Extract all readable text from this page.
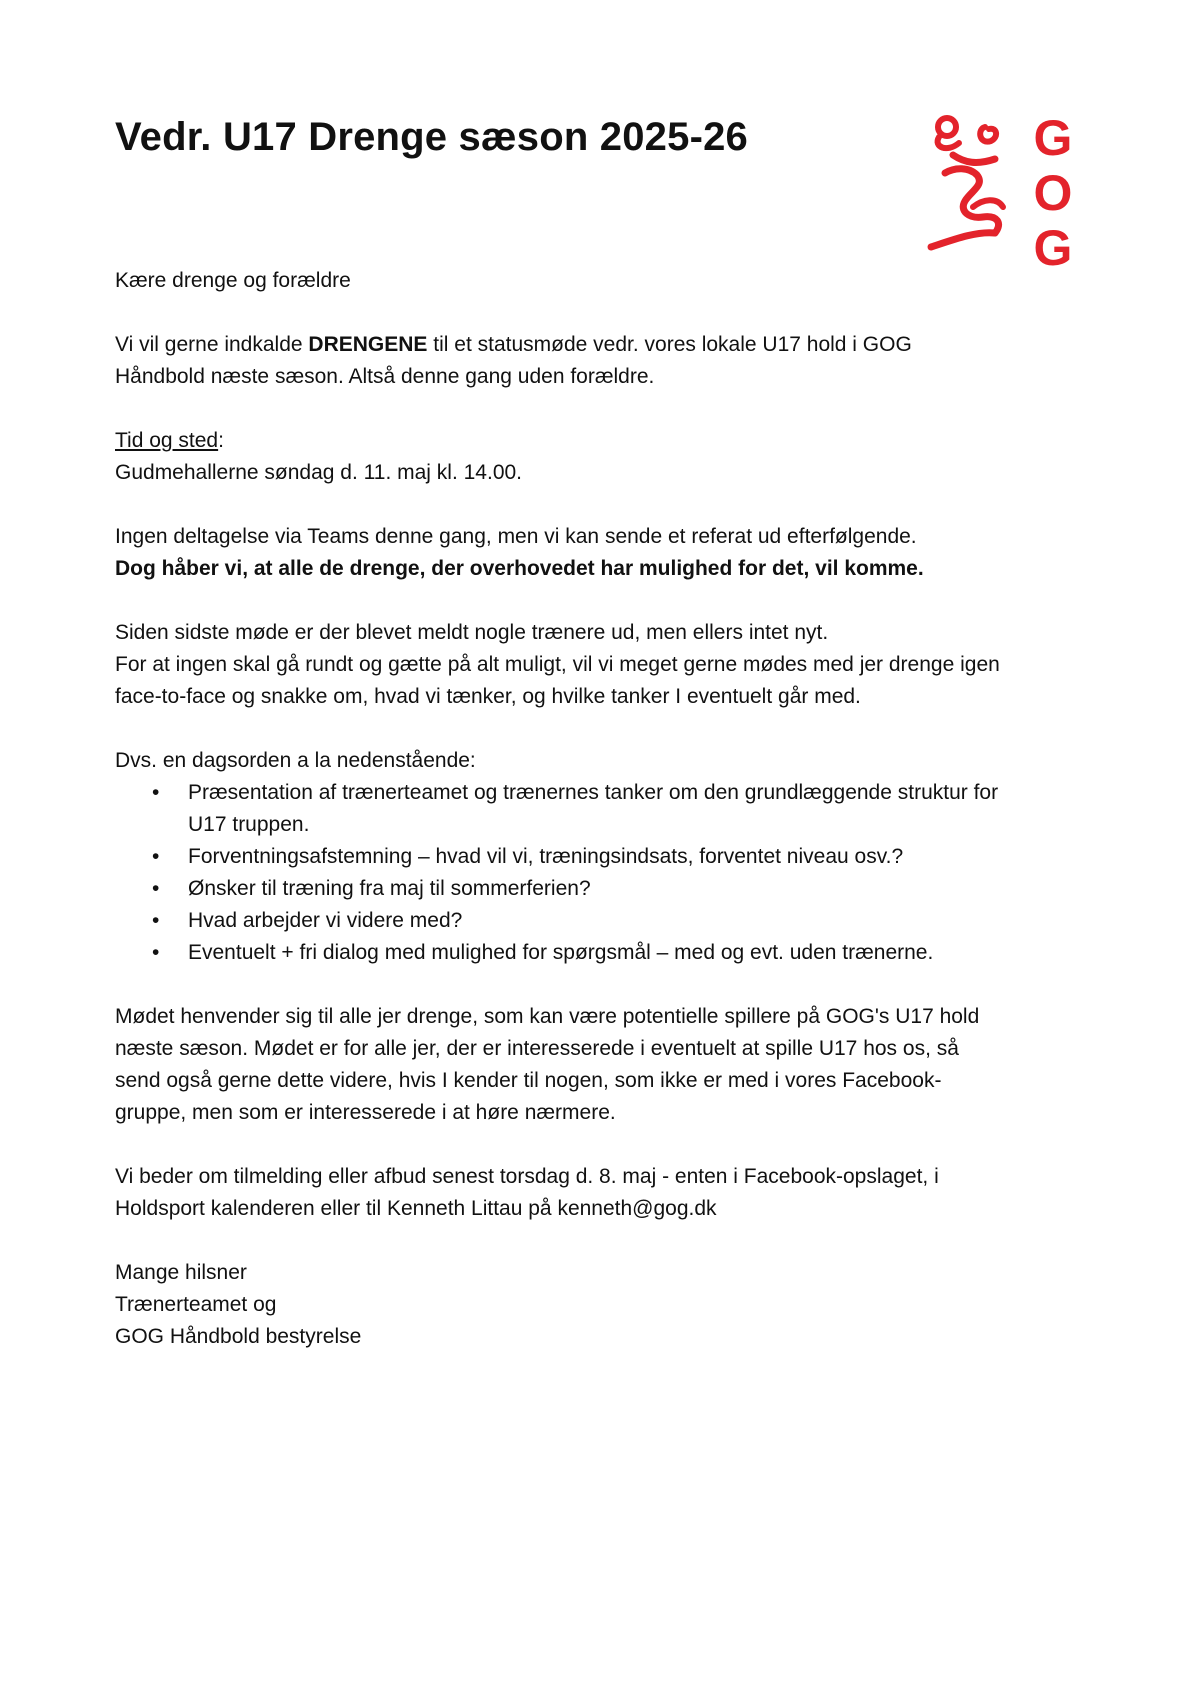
Vedr. U17 Drenge sæson 2025-26	G
O
G

Kære drenge og forældre

Vi vil gerne indkalde DRENGENE til et statusmøde vedr. vores lokale U17 hold i GOG

Håndbold næste sæson. Altså denne gang uden forældre.

Tid og sted:

Gudmehallerne søndag d. 11. maj kl. 14.00.

Ingen deltagelse via Teams denne gang, men vi kan sende et referat ud efterfølgende.

Dog håber vi, at alle de drenge, der overhovedet har mulighed for det, vil komme.

Siden sidste møde er der blevet meldt nogle trænere ud, men ellers intet nyt.

For at ingen skal gå rundt og gætte på alt muligt, vil vi meget gerne mødes med jer drenge igen

face-to-face og snakke om, hvad vi tænker, og hvilke tanker I eventuelt går med.

Dvs. en dagsorden a la nedenstående:

• Præsentation af trænerteamet og trænernes tanker om den grundlæggende struktur for
U17 truppen.
• Forventningsafstemning – hvad vil vi, træningsindsats, forventet niveau osv.?
• Ønsker til træning fra maj til sommerferien?
• Hvad arbejder vi videre med?
• Eventuelt + fri dialog med mulighed for spørgsmål – med og evt. uden trænerne.

Mødet henvender sig til alle jer drenge, som kan være potentielle spillere på GOG's U17 hold

næste sæson. Mødet er for alle jer, der er interesserede i eventuelt at spille U17 hos os, så

send også gerne dette videre, hvis I kender til nogen, som ikke er med i vores Facebook-

gruppe, men som er interesserede i at høre nærmere.

Vi beder om tilmelding eller afbud senest torsdag d. 8. maj - enten i Facebook-opslaget, i

Holdsport kalenderen eller til Kenneth Littau på kenneth@gog.dk

Mange hilsner

Trænerteamet og

GOG Håndbold bestyrelse
